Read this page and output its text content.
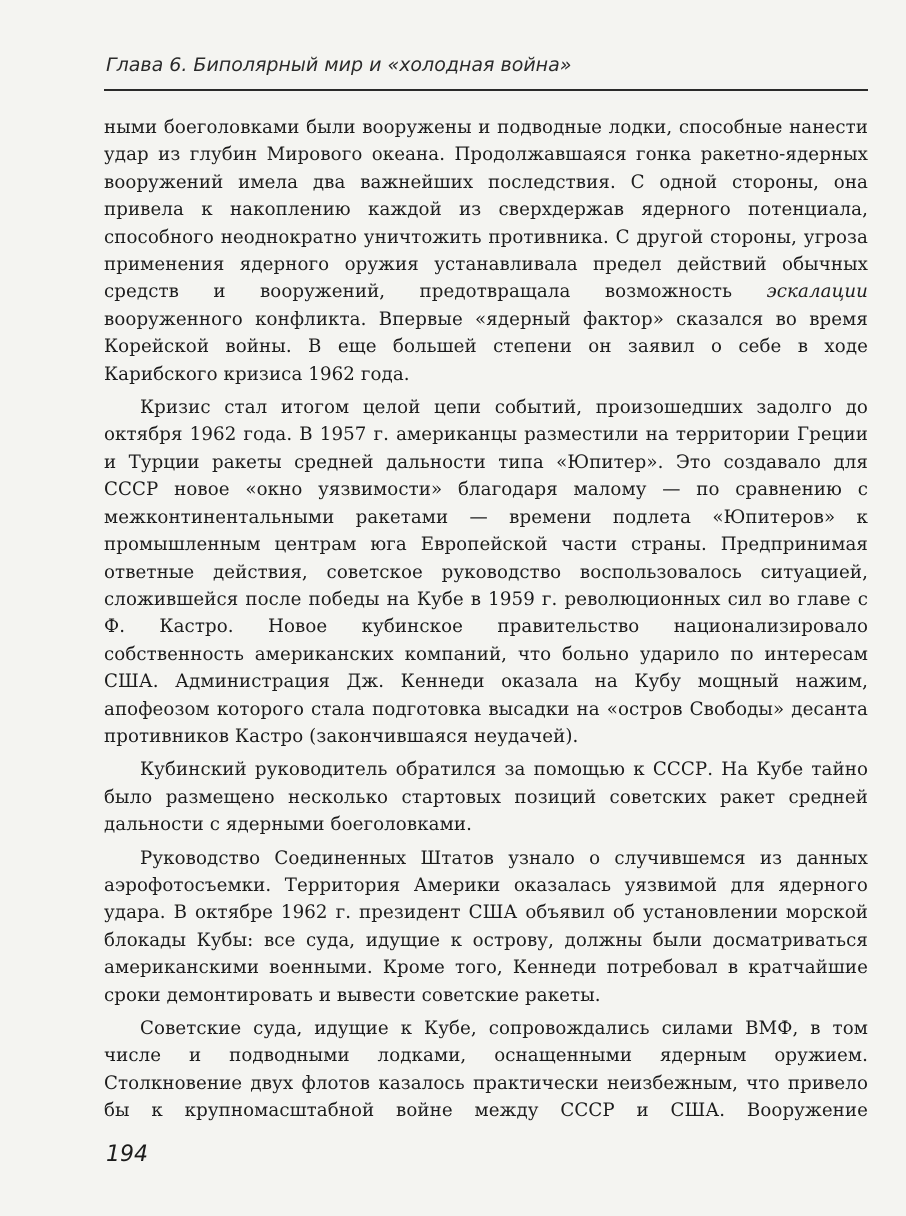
Глава 6. Биполярный мир и «холодная война»

ными боеголовками были вооружены и подводные лодки, способные нанести удар из глубин Мирового океана. Продолжавшаяся гонка ракетно-ядерных вооружений имела два важнейших последствия. С одной стороны, она привела к накоплению каждой из сверхдержав ядерного потенциала, способного неоднократно уничтожить противника. С другой стороны, угроза применения ядерного оружия устанавливала предел действий обычных средств и вооружений, предотвращала возможность эскалации вооруженного конфликта. Впервые «ядерный фактор» сказался во время Корейской войны. В еще большей степени он заявил о себе в ходе Карибского кризиса 1962 года.

Кризис стал итогом целой цепи событий, произошедших задолго до октября 1962 года. В 1957 г. американцы разместили на территории Греции и Турции ракеты средней дальности типа «Юпитер». Это создавало для СССР новое «окно уязвимости» благодаря малому — по сравнению с межконтинентальными ракетами — времени подлета «Юпитеров» к промышленным центрам юга Европейской части страны. Предпринимая ответные действия, советское руководство воспользовалось ситуацией, сложившейся после победы на Кубе в 1959 г. революционных сил во главе с Ф. Кастро. Новое кубинское правительство национализировало собственность американских компаний, что больно ударило по интересам США. Администрация Дж. Кеннеди оказала на Кубу мощный нажим, апофеозом которого стала подготовка высадки на «остров Свободы» десанта противников Кастро (закончившаяся неудачей).

Кубинский руководитель обратился за помощью к СССР. На Кубе тайно было размещено несколько стартовых позиций советских ракет средней дальности с ядерными боеголовками.

Руководство Соединенных Штатов узнало о случившемся из данных аэрофотосъемки. Территория Америки оказалась уязвимой для ядерного удара. В октябре 1962 г. президент США объявил об установлении морской блокады Кубы: все суда, идущие к острову, должны были досматриваться американскими военными. Кроме того, Кеннеди потребовал в кратчайшие сроки демонтировать и вывести советские ракеты.

Советские суда, идущие к Кубе, сопровождались силами ВМФ, в том числе и подводными лодками, оснащенными ядерным оружием. Столкновение двух флотов казалось практически неизбежным, что привело бы к крупномасштабной войне между СССР и США. Вооружение

194
